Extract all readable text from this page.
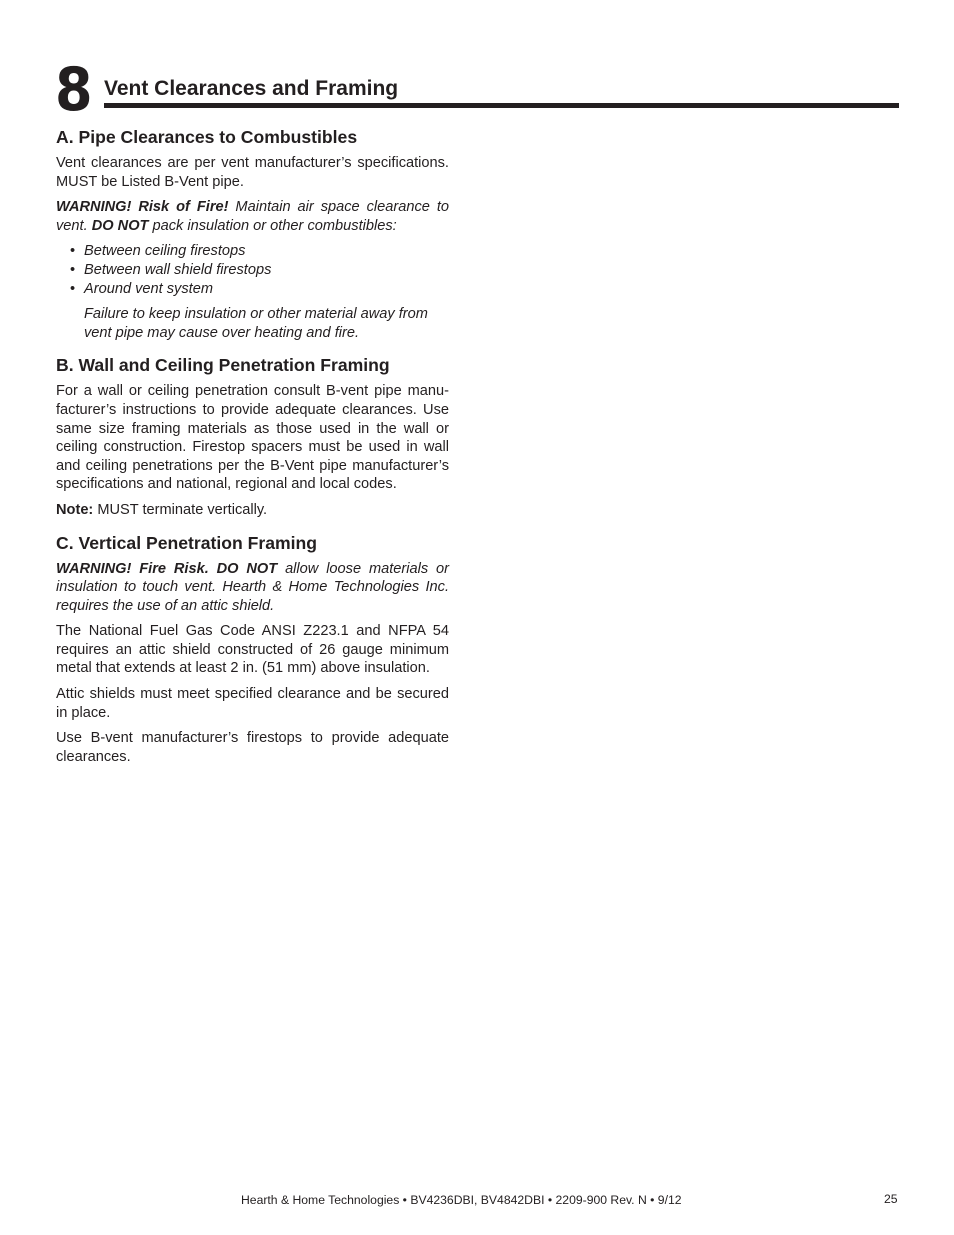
8 Vent Clearances and Framing
A. Pipe Clearances to Combustibles

Vent clearances are per vent manufacturer’s specifications. MUST be Listed B-Vent pipe.

WARNING! Risk of Fire! Maintain air space clearance to vent. DO NOT pack insulation or other combustibles:

• Between ceiling firestops
• Between wall shield firestops
• Around vent system

Failure to keep insulation or other material away from vent pipe may cause over heating and fire.

B. Wall and Ceiling Penetration Framing

For a wall or ceiling penetration consult B-vent pipe manufacturer’s instructions to provide adequate clearances. Use same size framing materials as those used in the wall or ceiling construction. Firestop spacers must be used in wall and ceiling penetrations per the B-Vent pipe manufacturer’s specifications and national, regional and local codes.

Note: MUST terminate vertically.

C. Vertical Penetration Framing

WARNING! Fire Risk. DO NOT allow loose materials or insulation to touch vent. Hearth & Home Technologies Inc. requires the use of an attic shield.

The National Fuel Gas Code ANSI Z223.1 and NFPA 54 requires an attic shield constructed of 26 gauge minimum metal that extends at least 2 in. (51 mm) above insulation.

Attic shields must meet specified clearance and be secured in place.

Use B-vent manufacturer’s firestops to provide adequate clearances.

Hearth & Home Technologies • BV4236DBI, BV4842DBI • 2209-900 Rev. N • 9/12	25
